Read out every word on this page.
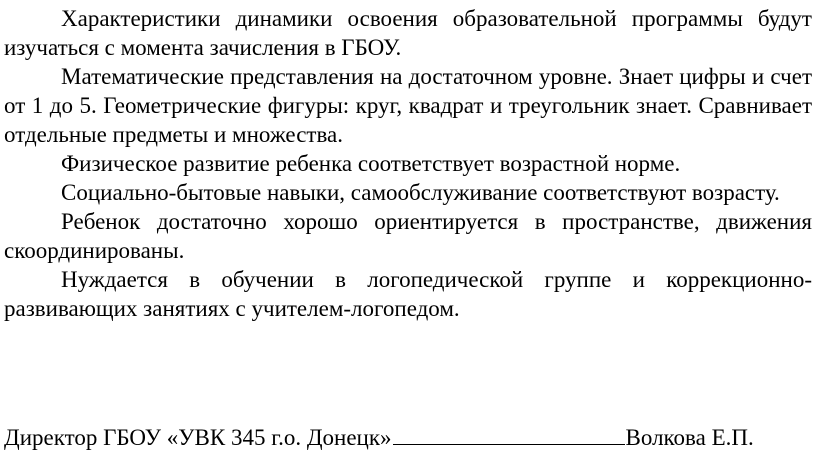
Характеристики динамики освоения образовательной программы будут изучаться с момента зачисления в ГБОУ.

Математические представления на достаточном уровне. Знает цифры и счет от 1 до 5. Геометрические фигуры: круг, квадрат и треугольник знает. Сравнивает отдельные предметы и множества.

Физическое развитие ребенка соответствует возрастной норме.

Социально-бытовые навыки, самообслуживание соответствуют возрасту.

Ребенок достаточно хорошо ориентируется в пространстве, движения скоординированы.

Нуждается в обучении в логопедической группе и коррекционно-развивающих занятиях с учителем-логопедом.

Директор ГБОУ «УВК 345 г.о. Донецк»	Волкова Е.П.
